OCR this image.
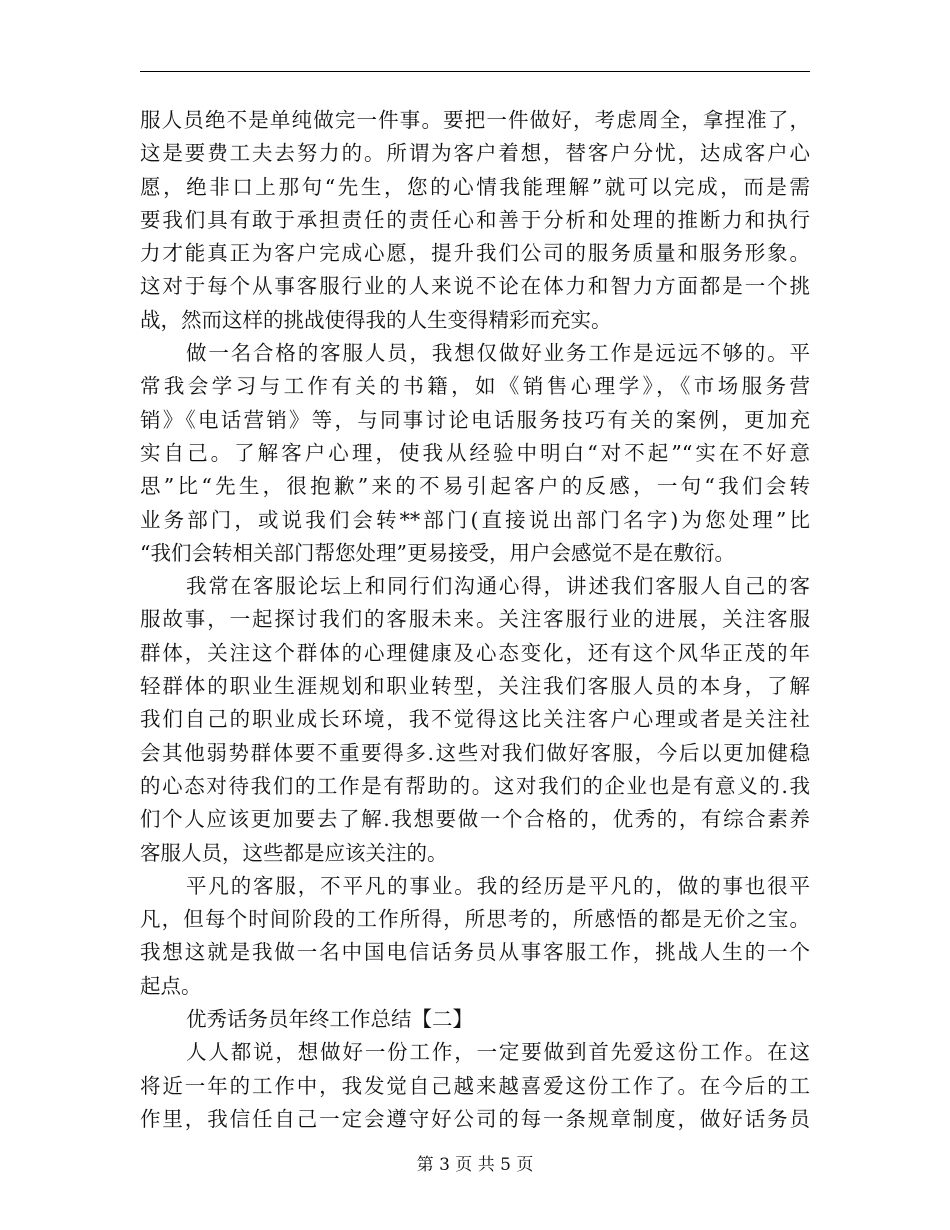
服人员绝不是单纯做完一件事。要把一件做好，考虑周全，拿捏准了，
这是要费工夫去努力的。所谓为客户着想，替客户分忧，达成客户心
愿，绝非口上那句“先生，您的心情我能理解”就可以完成，而是需
要我们具有敢于承担责任的责任心和善于分析和处理的推断力和执行
力才能真正为客户完成心愿，提升我们公司的服务质量和服务形象。
这对于每个从事客服行业的人来说不论在体力和智力方面都是一个挑
战，然而这样的挑战使得我的人生变得精彩而充实。
做一名合格的客服人员，我想仅做好业务工作是远远不够的。平
常我会学习与工作有关的书籍，如《销售心理学》，《市场服务营
销》《电话营销》等，与同事讨论电话服务技巧有关的案例，更加充
实自己。了解客户心理，使我从经验中明白“对不起”“实在不好意
思”比“先生，很抱歉”来的不易引起客户的反感，一句“我们会转
业务部门，或说我们会转**部门(直接说出部门名字)为您处理”比
“我们会转相关部门帮您处理”更易接受，用户会感觉不是在敷衍。
我常在客服论坛上和同行们沟通心得，讲述我们客服人自己的客
服故事，一起探讨我们的客服未来。关注客服行业的进展，关注客服
群体，关注这个群体的心理健康及心态变化，还有这个风华正茂的年
轻群体的职业生涯规划和职业转型，关注我们客服人员的本身，了解
我们自己的职业成长环境，我不觉得这比关注客户心理或者是关注社
会其他弱势群体要不重要得多.这些对我们做好客服，今后以更加健稳
的心态对待我们的工作是有帮助的。这对我们的企业也是有意义的.我
们个人应该更加要去了解.我想要做一个合格的，优秀的，有综合素养
客服人员，这些都是应该关注的。
平凡的客服，不平凡的事业。我的经历是平凡的，做的事也很平
凡，但每个时间阶段的工作所得，所思考的，所感悟的都是无价之宝。
我想这就是我做一名中国电信话务员从事客服工作，挑战人生的一个
起点。
优秀话务员年终工作总结【二】
人人都说，想做好一份工作，一定要做到首先爱这份工作。在这
将近一年的工作中，我发觉自己越来越喜爱这份工作了。在今后的工
作里，我信任自己一定会遵守好公司的每一条规章制度，做好话务员
第 3 页 共 5 页
